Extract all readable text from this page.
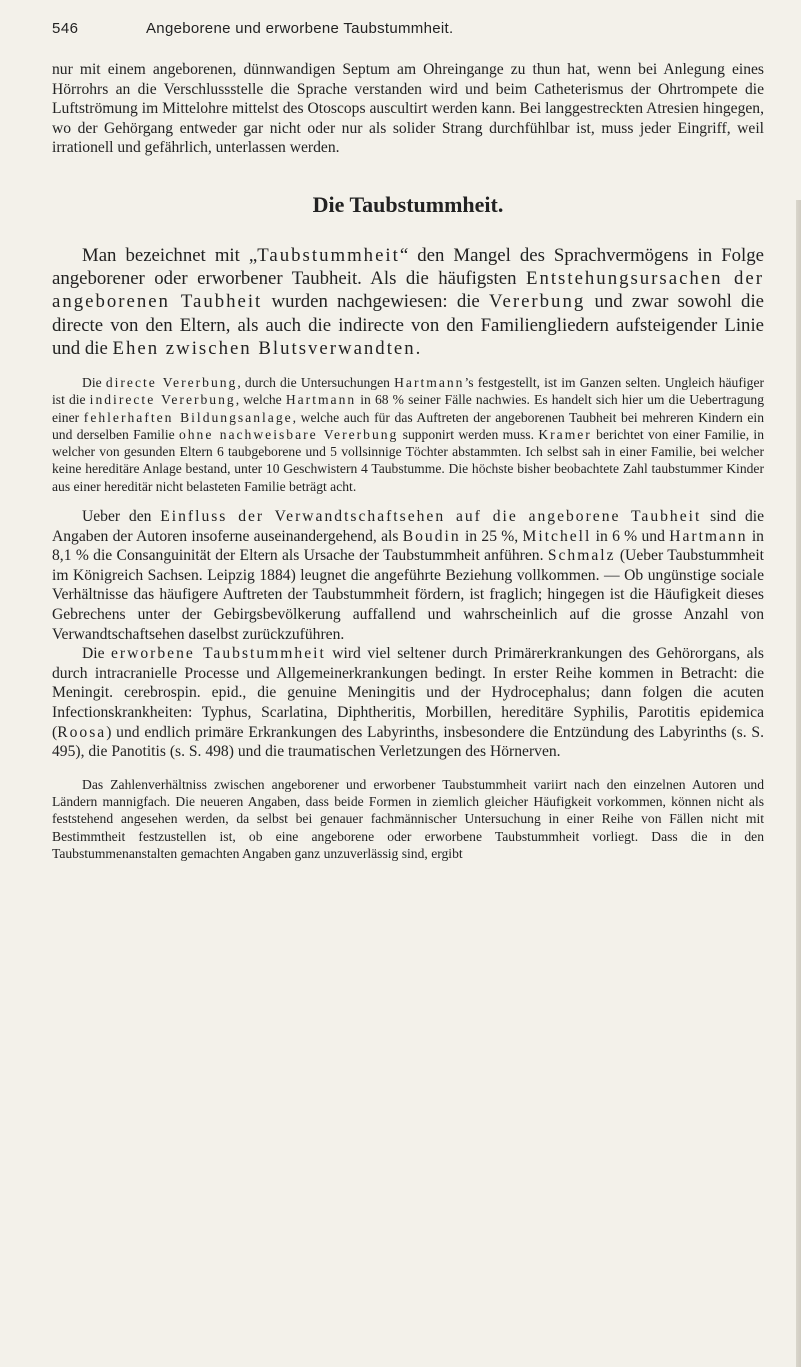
546	Angeborene und erworbene Taubstummheit.

nur mit einem angeborenen, dünnwandigen Septum am Ohreingange zu thun hat, wenn bei Anlegung eines Hörrohrs an die Verschlussstelle die Sprache verstanden wird und beim Catheterismus der Ohrtrompete die Luftströmung im Mittelohre mittelst des Otoscops auscultirt werden kann. Bei langgestreckten Atresien hingegen, wo der Gehörgang entweder gar nicht oder nur als solider Strang durchfühlbar ist, muss jeder Eingriff, weil irrationell und gefährlich, unterlassen werden.

Die Taubstummheit.

Man bezeichnet mit „Taubstummheit“ den Mangel des Sprachvermögens in Folge angeborener oder erworbener Taubheit. Als die häufigsten Entstehungsursachen der angeborenen Taubheit wurden nachgewiesen: die Vererbung und zwar sowohl die directe von den Eltern, als auch die indirecte von den Familiengliedern aufsteigender Linie und die Ehen zwischen Blutsverwandten.

Die directe Vererbung, durch die Untersuchungen Hartmann’s festgestellt, ist im Ganzen selten. Ungleich häufiger ist die indirecte Vererbung, welche Hartmann in 68 % seiner Fälle nachwies. Es handelt sich hier um die Uebertragung einer fehlerhaften Bildungsanlage, welche auch für das Auftreten der angeborenen Taubheit bei mehreren Kindern ein und derselben Familie ohne nachweisbare Vererbung supponirt werden muss. Kramer berichtet von einer Familie, in welcher von gesunden Eltern 6 taubgeborene und 5 vollsinnige Töchter abstammten. Ich selbst sah in einer Familie, bei welcher keine hereditäre Anlage bestand, unter 10 Geschwistern 4 Taubstumme. Die höchste bisher beobachtete Zahl taubstummer Kinder aus einer hereditär nicht belasteten Familie beträgt acht.

Ueber den Einfluss der Verwandtschaftsehen auf die angeborene Taubheit sind die Angaben der Autoren insoferne auseinandergehend, als Boudin in 25 %, Mitchell in 6 % und Hartmann in 8,1 % die Consanguinität der Eltern als Ursache der Taubstummheit anführen. Schmalz (Ueber Taubstummheit im Königreich Sachsen. Leipzig 1884) leugnet die angeführte Beziehung vollkommen. — Ob ungünstige sociale Verhältnisse das häufigere Auftreten der Taubstummheit fördern, ist fraglich; hingegen ist die Häufigkeit dieses Gebrechens unter der Gebirgsbevölkerung auffallend und wahrscheinlich auf die grosse Anzahl von Verwandtschaftsehen daselbst zurückzuführen.

Die erworbene Taubstummheit wird viel seltener durch Primärerkrankungen des Gehörorgans, als durch intracranielle Processe und Allgemeinerkrankungen bedingt. In erster Reihe kommen in Betracht: die Meningit. cerebrospin. epid., die genuine Meningitis und der Hydrocephalus; dann folgen die acuten Infectionskrankheiten: Typhus, Scarlatina, Diphtheritis, Morbillen, hereditäre Syphilis, Parotitis epidemica (Roosa) und endlich primäre Erkrankungen des Labyrinths, insbesondere die Entzündung des Labyrinths (s. S. 495), die Panotitis (s. S. 498) und die traumatischen Verletzungen des Hörnerven.

Das Zahlenverhältniss zwischen angeborener und erworbener Taubstummheit variirt nach den einzelnen Autoren und Ländern mannigfach. Die neueren Angaben, dass beide Formen in ziemlich gleicher Häufigkeit vorkommen, können nicht als feststehend angesehen werden, da selbst bei genauer fachmännischer Untersuchung in einer Reihe von Fällen nicht mit Bestimmtheit festzustellen ist, ob eine angeborene oder erworbene Taubstummheit vorliegt. Dass die in den Taubstummenanstalten gemachten Angaben ganz unzuverlässig sind, ergibt
